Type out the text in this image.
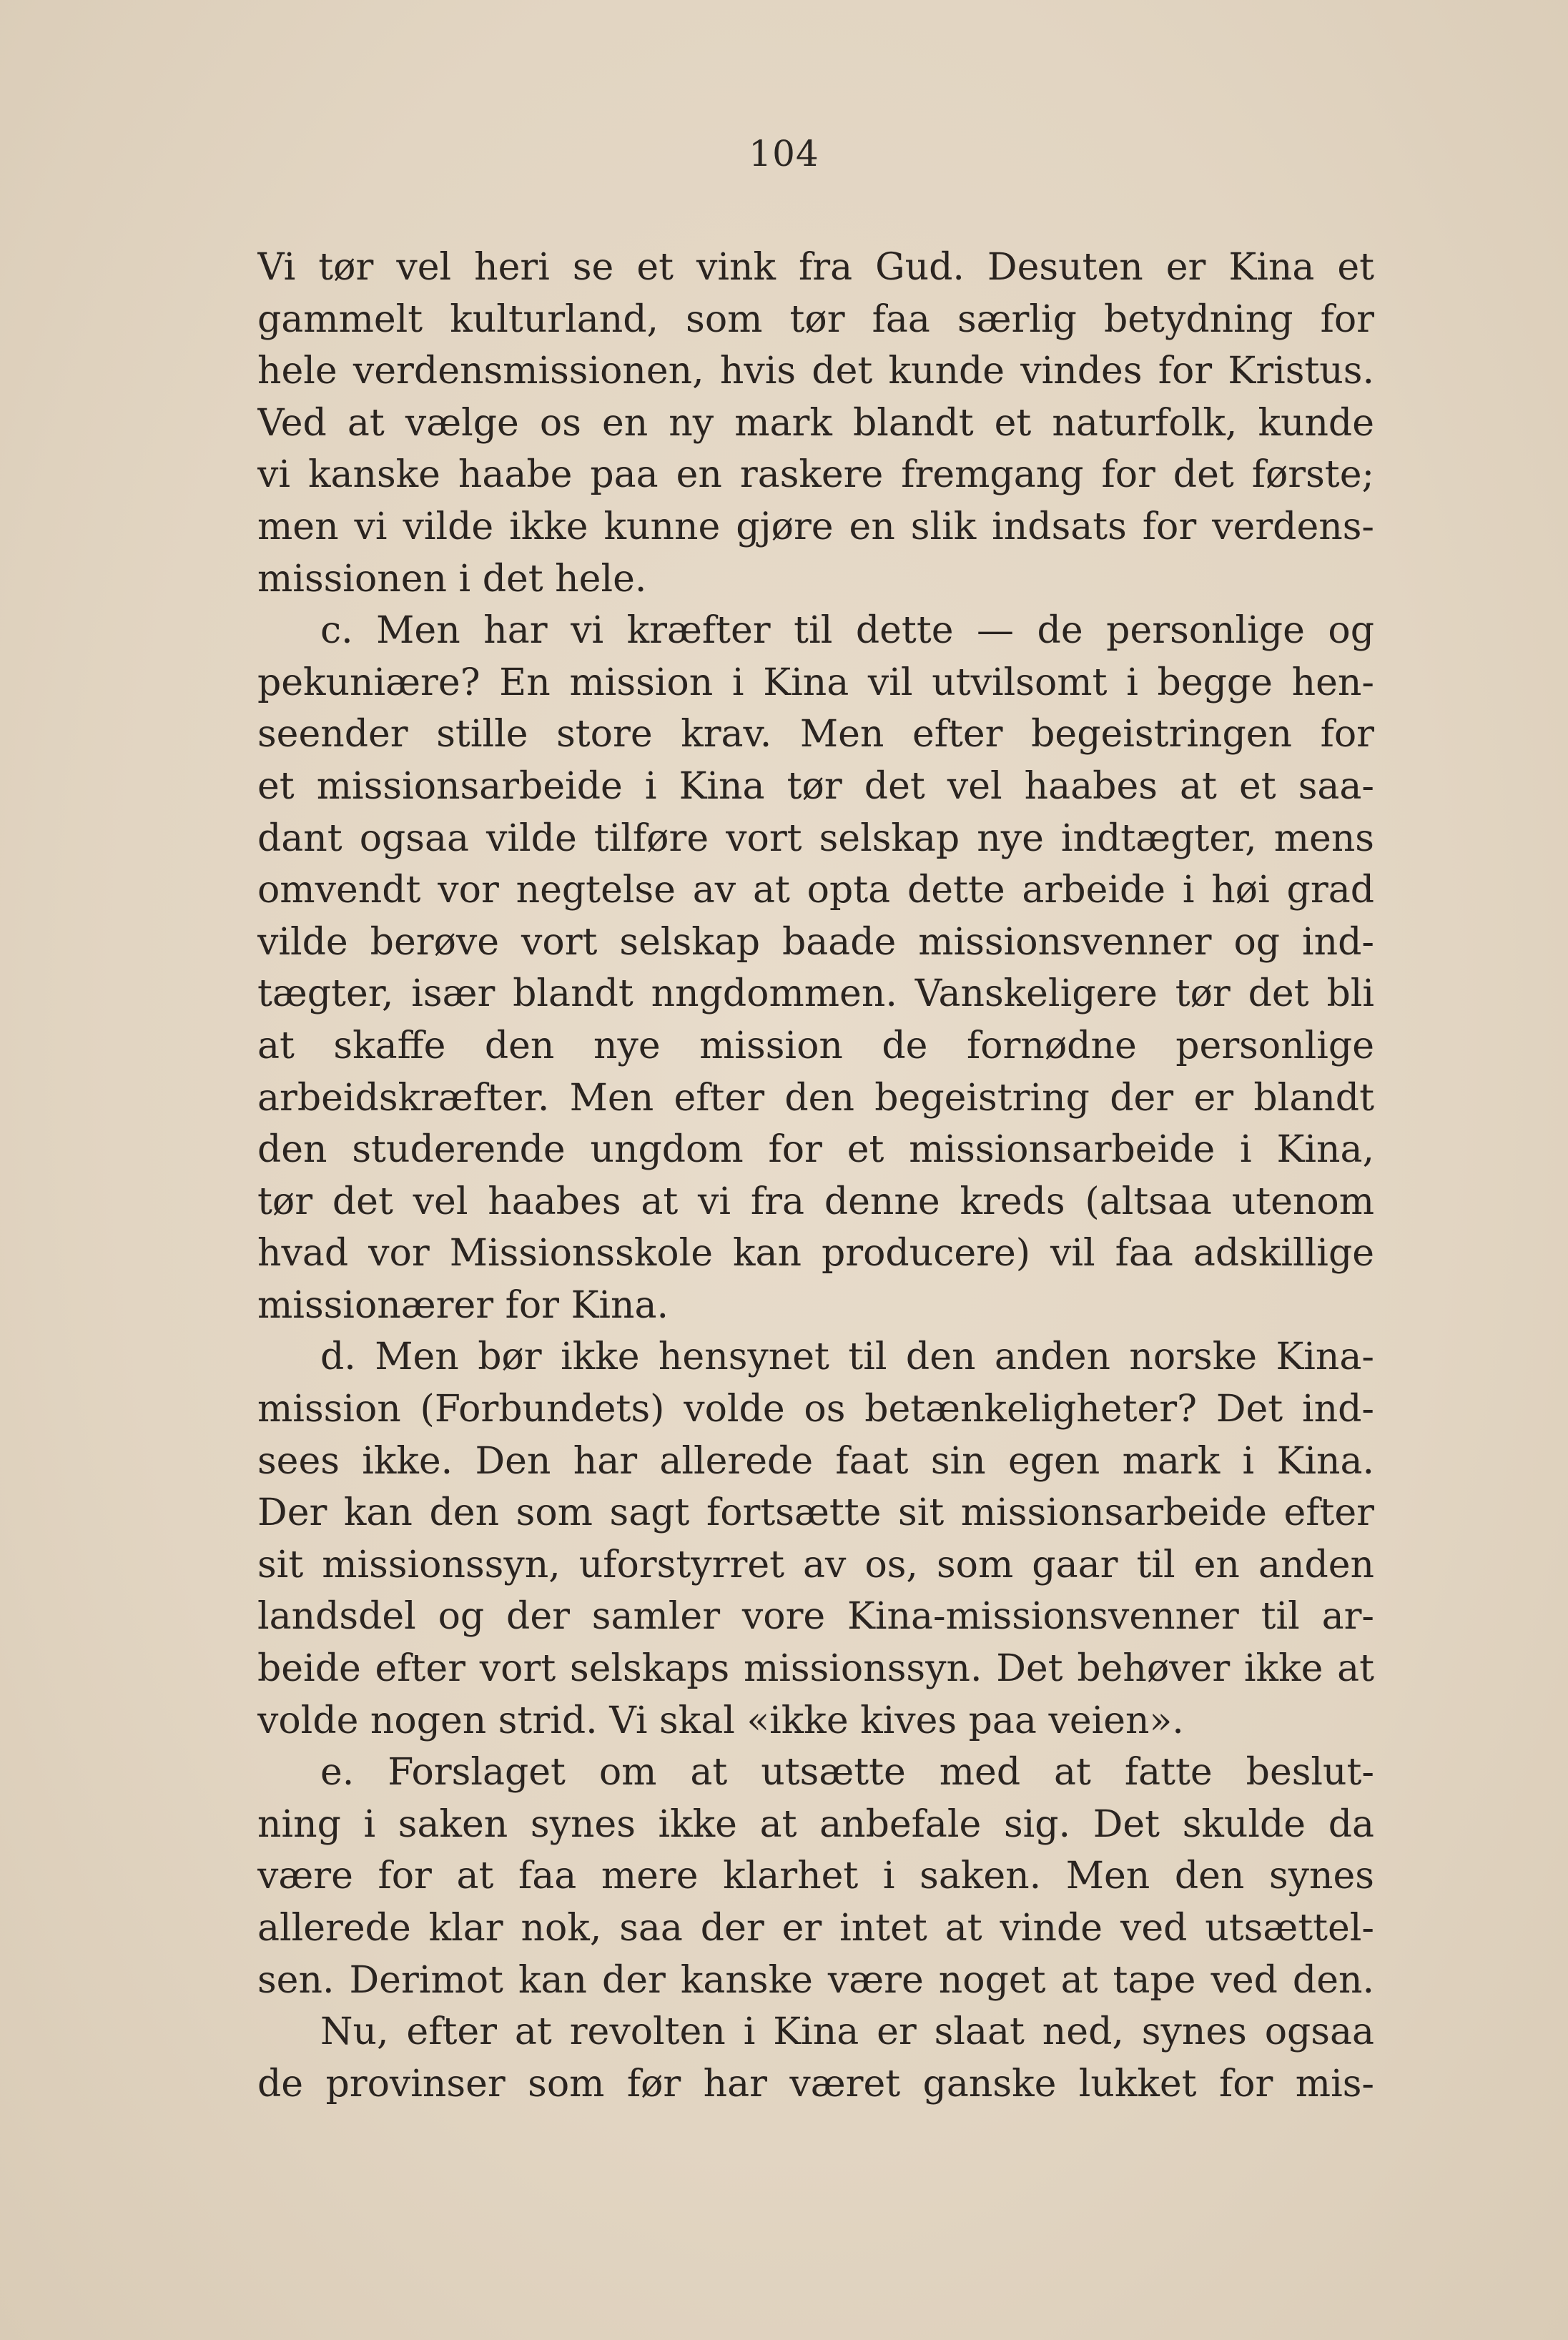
104
Vi tør vel heri se et vink fra Gud. Desuten er Kina et
gammelt kulturland, som tør faa særlig betydning for
hele verdensmissionen, hvis det kunde vindes for Kristus.
Ved at vælge os en ny mark blandt et naturfolk, kunde
vi kanske haabe paa en raskere fremgang for det første;
men vi vilde ikke kunne gjøre en slik indsats for verdens-
missionen i det hele.
c. Men har vi kræfter til dette — de personlige og
pekuniære? En mission i Kina vil utvilsomt i begge hen-
seender stille store krav. Men efter begeistringen for
et missionsarbeide i Kina tør det vel haabes at et saa-
dant ogsaa vilde tilføre vort selskap nye indtægter, mens
omvendt vor negtelse av at opta dette arbeide i høi grad
vilde berøve vort selskap baade missionsvenner og ind-
tægter, især blandt nngdommen. Vanskeligere tør det bli
at skaffe den nye mission de fornødne personlige
arbeidskræfter. Men efter den begeistring der er blandt
den studerende ungdom for et missionsarbeide i Kina,
tør det vel haabes at vi fra denne kreds (altsaa utenom
hvad vor Missionsskole kan producere) vil faa adskillige
missionærer for Kina.
d. Men bør ikke hensynet til den anden norske Kina-
mission (Forbundets) volde os betænkeligheter? Det ind-
sees ikke. Den har allerede faat sin egen mark i Kina.
Der kan den som sagt fortsætte sit missionsarbeide efter
sit missionssyn, uforstyrret av os, som gaar til en anden
landsdel og der samler vore Kina-missionsvenner til ar-
beide efter vort selskaps missionssyn. Det behøver ikke at
volde nogen strid. Vi skal «ikke kives paa veien».
e. Forslaget om at utsætte med at fatte beslut-
ning i saken synes ikke at anbefale sig. Det skulde da
være for at faa mere klarhet i saken. Men den synes
allerede klar nok, saa der er intet at vinde ved utsættel-
sen. Derimot kan der kanske være noget at tape ved den.
Nu, efter at revolten i Kina er slaat ned, synes ogsaa
de provinser som før har været ganske lukket for mis-
